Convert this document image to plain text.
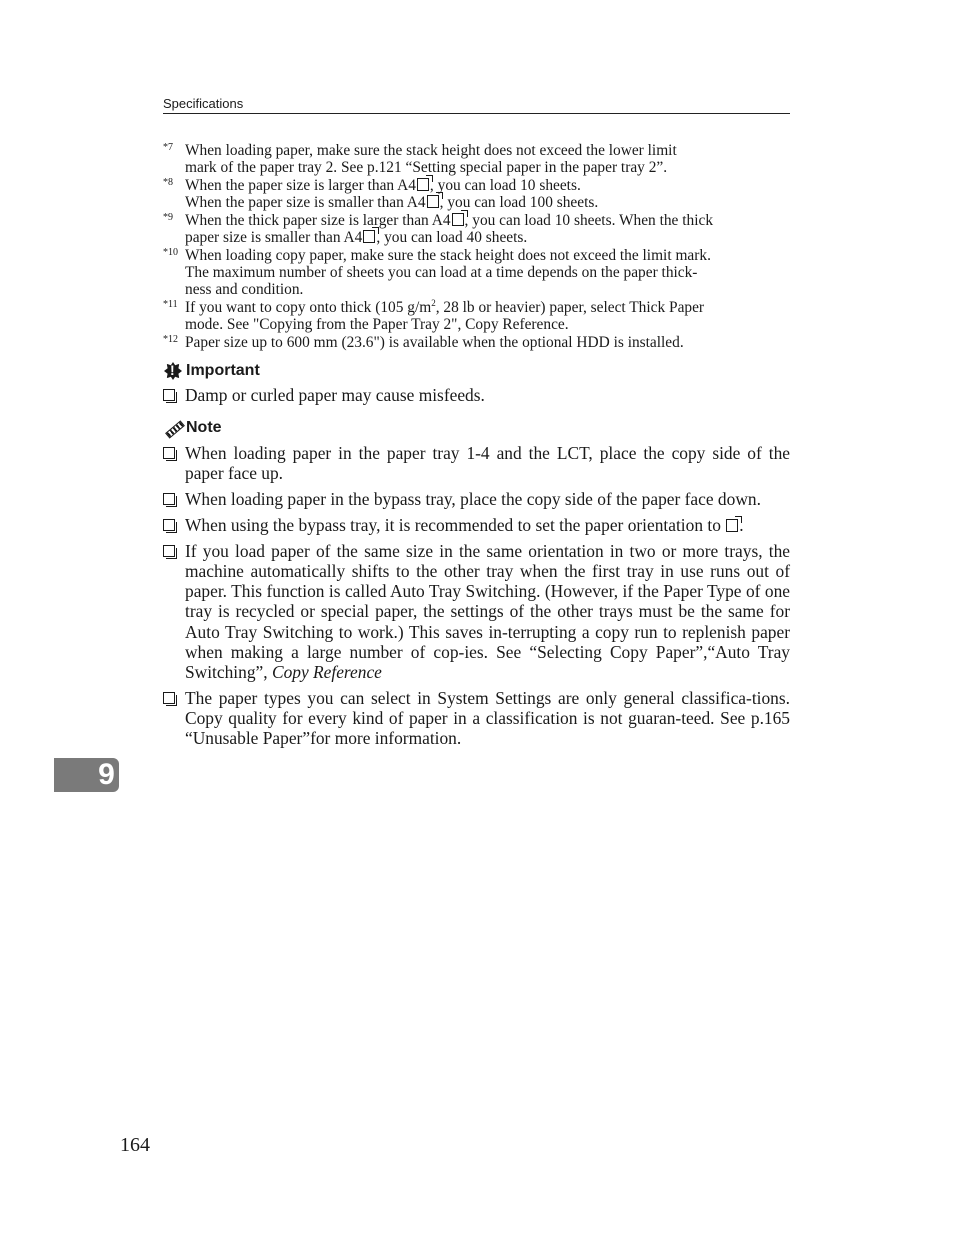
Specifications
*7 When loading paper, make sure the stack height does not exceed the lower limit
mark of the paper tray 2. See p.121 “Setting special paper in the paper tray 2”.
*8 When the paper size is larger than A4 , you can load 10 sheets.
When the paper size is smaller than A4 , you can load 100 sheets.
*9 When the thick paper size is larger than A4 , you can load 10 sheets. When the thick
paper size is smaller than A4 , you can load 40 sheets.
*10 When loading copy paper, make sure the stack height does not exceed the limit mark.
The maximum number of sheets you can load at a time depends on the paper thick-
ness and condition.
*11 If you want to copy onto thick (105 $g/m^2$, 28 lb or heavier) paper, select Thick Paper
mode. See "Copying from the Paper Tray 2", Copy Reference.
*12 Paper size up to 600 mm (23.6") is available when the optional HDD is installed.
!
Important
Damp or curled paper may cause misfeeds.
Note
When loading paper in the paper tray 1-4 and the LCT, place the copy side of the paper face up.
When loading paper in the bypass tray, place the copy side of the paper face down.
When using the bypass tray, it is recommended to set the paper orientation to .
If you load paper of the same size in the same orientation in two or more trays, the machine automatically shifts to the other tray when the first tray in use runs out of paper. This function is called Auto Tray Switching. (However, if the Paper Type of one tray is recycled or special paper, the settings of the other trays must be the same for Auto Tray Switching to work.) This saves in-terrupting a copy run to replenish paper when making a large number of cop-ies. See “Selecting Copy Paper”,“Auto Tray Switching”, Copy Reference
The paper types you can select in System Settings are only general classifica-tions. Copy quality for every kind of paper in a classification is not guaran-teed. See p.165 “Unusable Paper”for more information.
9
164
